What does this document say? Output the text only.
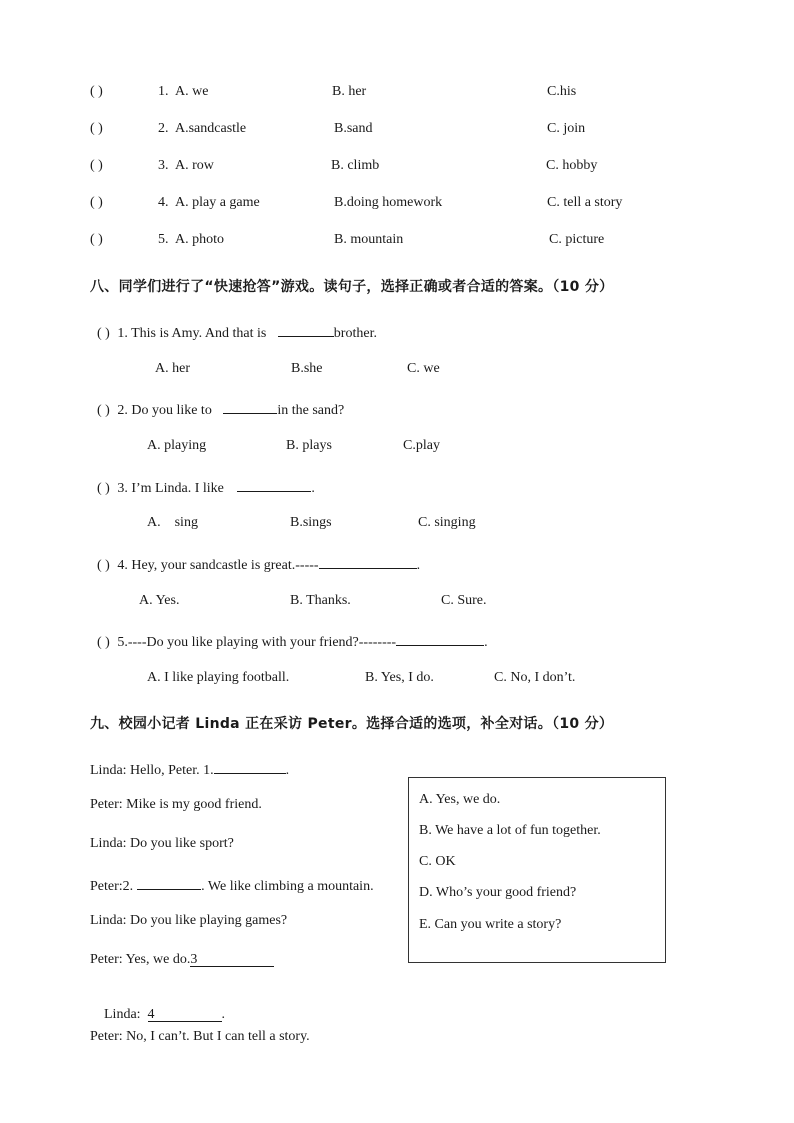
( )	1. A. we	B. her	C.his
( )	2. A.sandcastle	B.sand	C. join
( )	3. A. row	B. climb	C. hobby
( )	4. A. play a game	B.doing homework	C. tell a story
( )	5. A. photo	B. mountain	C. picture
八、同学们进行了“快速抢答”游戏。读句子，选择正确或者合适的答案。（10 分）
( ) 1. This is Amy. And that is	brother.
A. her	B.she	C. we
( ) 2. Do you like to	in the sand?
A. playing	B. plays	C.play
( ) 3. I’m Linda. I like	.
A.    sing	B.sings	C. singing
( ) 4. Hey, your sandcastle is great.-----	.
A. Yes.	B. Thanks.	C. Sure.
( ) 5.----Do you like playing with your friend?--------	.
A. I like playing football.	B. Yes, I do.	C. No, I don’t.
九、校园小记者 Linda 正在采访 Peter。选择合适的选项，补全对话。（10 分）
Linda: Hello, Peter. 1.	.
Peter: Mike is my good friend.
Linda: Do you like sport?
Peter:2.	. We like climbing a mountain.
Linda: Do you like playing games?
Peter: Yes, we do.3

Linda:  4	.

Peter: No, I can’t. But I can tell a story.
A. Yes, we do.
B. We have a lot of fun together.
C. OK
D. Who’s your good friend?
E. Can you write a story?
